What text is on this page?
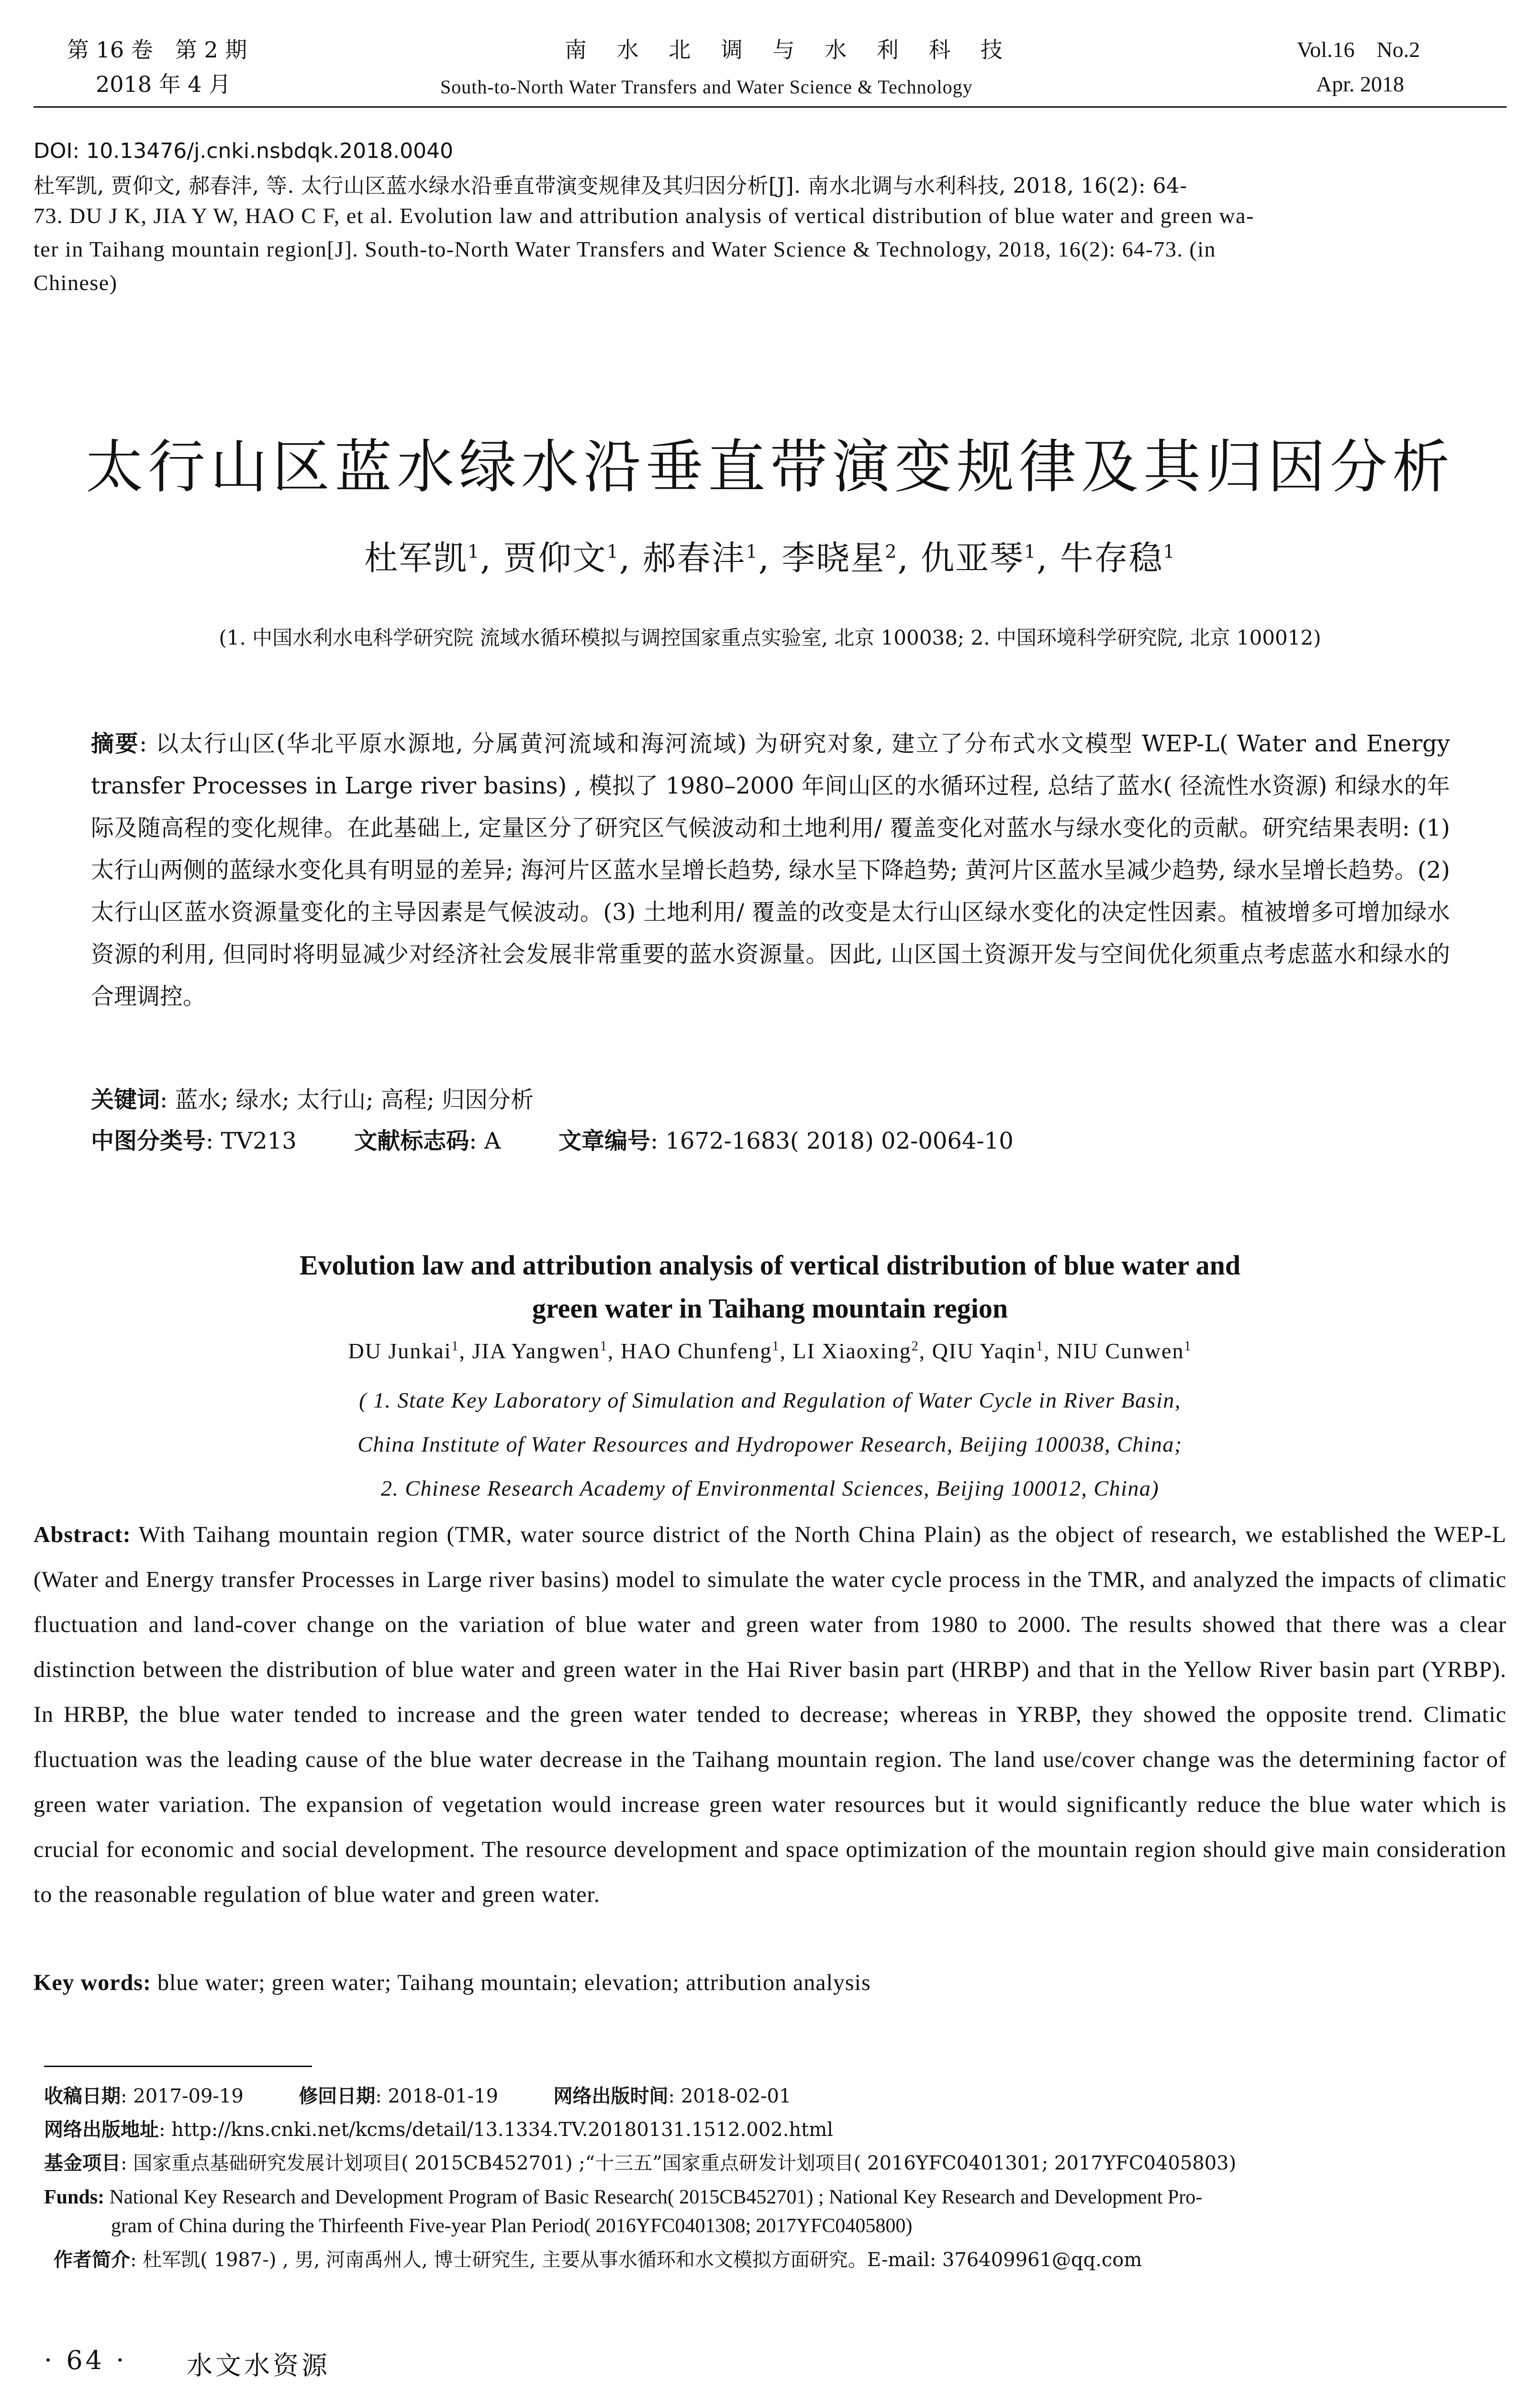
第 16 卷　第 2 期
2018 年 4 月
南 水 北 调 与 水 利 科 技
South-to-North Water Transfers and Water Science & Technology
Vol.16　No.2
Apr. 2018
DOI: 10.13476/j.cnki.nsbdqk.2018.0040
杜军凯, 贾仰文, 郝春沣, 等. 太行山区蓝水绿水沿垂直带演变规律及其归因分析[J]. 南水北调与水利科技, 2018, 16(2): 64-
73. DU J K, JIA Y W, HAO C F, et al. Evolution law and attribution analysis of vertical distribution of blue water and green wa-
ter in Taihang mountain region[J]. South-to-North Water Transfers and Water Science & Technology, 2018, 16(2): 64-73. (in
Chinese)
太行山区蓝水绿水沿垂直带演变规律及其归因分析
杜军凯$^1$, 贾仰文$^1$, 郝春沣$^1$, 李晓星$^2$, 仇亚琴$^1$, 牛存稳$^1$
(1. 中国水利水电科学研究院 流域水循环模拟与调控国家重点实验室, 北京 100038; 2. 中国环境科学研究院, 北京 100012)
摘要: 以太行山区(华北平原水源地, 分属黄河流域和海河流域) 为研究对象, 建立了分布式水文模型 WEP-L( Water and Energy transfer Processes in Large river basins) , 模拟了 1980–2000 年间山区的水循环过程, 总结了蓝水( 径流性水资源) 和绿水的年际及随高程的变化规律。在此基础上, 定量区分了研究区气候波动和土地利用/ 覆盖变化对蓝水与绿水变化的贡献。研究结果表明: (1) 太行山两侧的蓝绿水变化具有明显的差异; 海河片区蓝水呈增长趋势, 绿水呈下降趋势; 黄河片区蓝水呈减少趋势, 绿水呈增长趋势。(2) 太行山区蓝水资源量变化的主导因素是气候波动。(3) 土地利用/ 覆盖的改变是太行山区绿水变化的决定性因素。植被增多可增加绿水资源的利用, 但同时将明显减少对经济社会发展非常重要的蓝水资源量。因此, 山区国土资源开发与空间优化须重点考虑蓝水和绿水的合理调控。
关键词: 蓝水; 绿水; 太行山; 高程; 归因分析
中图分类号: TV213	文献标志码: A	文章编号: 1672-1683( 2018) 02-0064-10
Evolution law and attribution analysis of vertical distribution of blue water and
green water in Taihang mountain region
DU Junkai$^1$, JIA Yangwen$^1$, HAO Chunfeng$^1$, LI Xiaoxing$^2$, QIU Yaqin$^1$, NIU Cunwen$^1$
( 1. State Key Laboratory of Simulation and Regulation of Water Cycle in River Basin,
China Institute of Water Resources and Hydropower Research, Beijing 100038, China;
2. Chinese Research Academy of Environmental Sciences, Beijing 100012, China)
Abstract: With Taihang mountain region (TMR, water source district of the North China Plain) as the object of research, we established the WEP-L (Water and Energy transfer Processes in Large river basins) model to simulate the water cycle process in the TMR, and analyzed the impacts of climatic fluctuation and land-cover change on the variation of blue water and green water from 1980 to 2000. The results showed that there was a clear distinction between the distribution of blue water and green water in the Hai River basin part (HRBP) and that in the Yellow River basin part (YRBP). In HRBP, the blue water tended to increase and the green water tended to decrease; whereas in YRBP, they showed the opposite trend. Climatic fluctuation was the leading cause of the blue water decrease in the Taihang mountain region. The land use/cover change was the determining factor of green water variation. The expansion of vegetation would increase green water resources but it would significantly reduce the blue water which is crucial for economic and social development. The resource development and space optimization of the mountain region should give main consideration to the reasonable regulation of blue water and green water.
Key words: blue water; green water; Taihang mountain; elevation; attribution analysis
收稿日期: 2017-09-19	修回日期: 2018-01-19	网络出版时间: 2018-02-01
网络出版地址: http://kns.cnki.net/kcms/detail/13.1334.TV.20180131.1512.002.html
基金项目: 国家重点基础研究发展计划项目( 2015CB452701) ;“十三五”国家重点研发计划项目( 2016YFC0401301; 2017YFC0405803)
Funds: National Key Research and Development Program of Basic Research( 2015CB452701) ; National Key Research and Development Pro-
gram of China during the Thirfeenth Five-year Plan Period( 2016YFC0401308; 2017YFC0405800)
作者简介: 杜军凯( 1987-) , 男, 河南禹州人, 博士研究生, 主要从事水循环和水文模拟方面研究。E-mail: 376409961@qq.com
· 64 · 水文水资源
